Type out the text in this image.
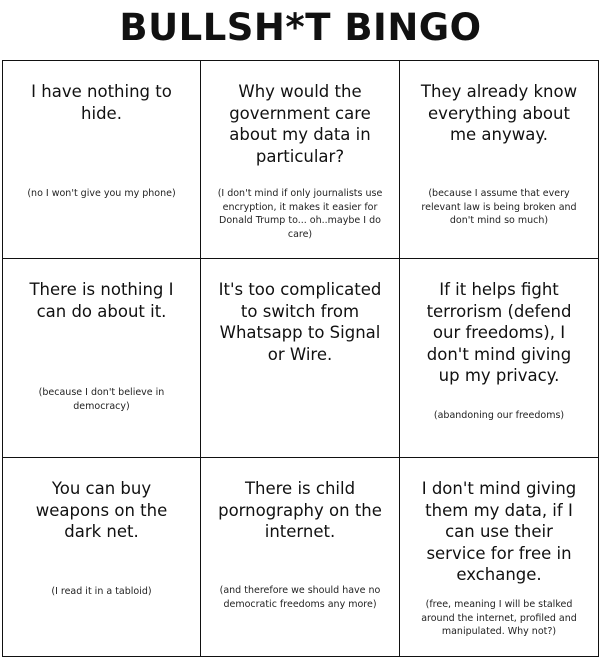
BULLSH*T BINGO

I have nothing to hide.

(no I won't give you my phone)

Why would the government care about my data in particular?

(I don't mind if only journalists use encryption, it makes it easier for Donald Trump to... oh..maybe I do care)

They already know everything about me anyway.

(because I assume that every relevant law is being broken and don't mind so much)

There is nothing I can do about it.

(because I don't believe in democracy)

It's too complicated to switch from Whatsapp to Signal or Wire.

If it helps fight terrorism (defend our freedoms), I don't mind giving up my privacy.

(abandoning our freedoms)

You can buy weapons on the dark net.

(I read it in a tabloid)

There is child pornography on the internet.

(and therefore we should have no democratic freedoms any more)

I don't mind giving them my data, if I can use their service for free in exchange.

(free, meaning I will be stalked around the internet, profiled and manipulated. Why not?)
